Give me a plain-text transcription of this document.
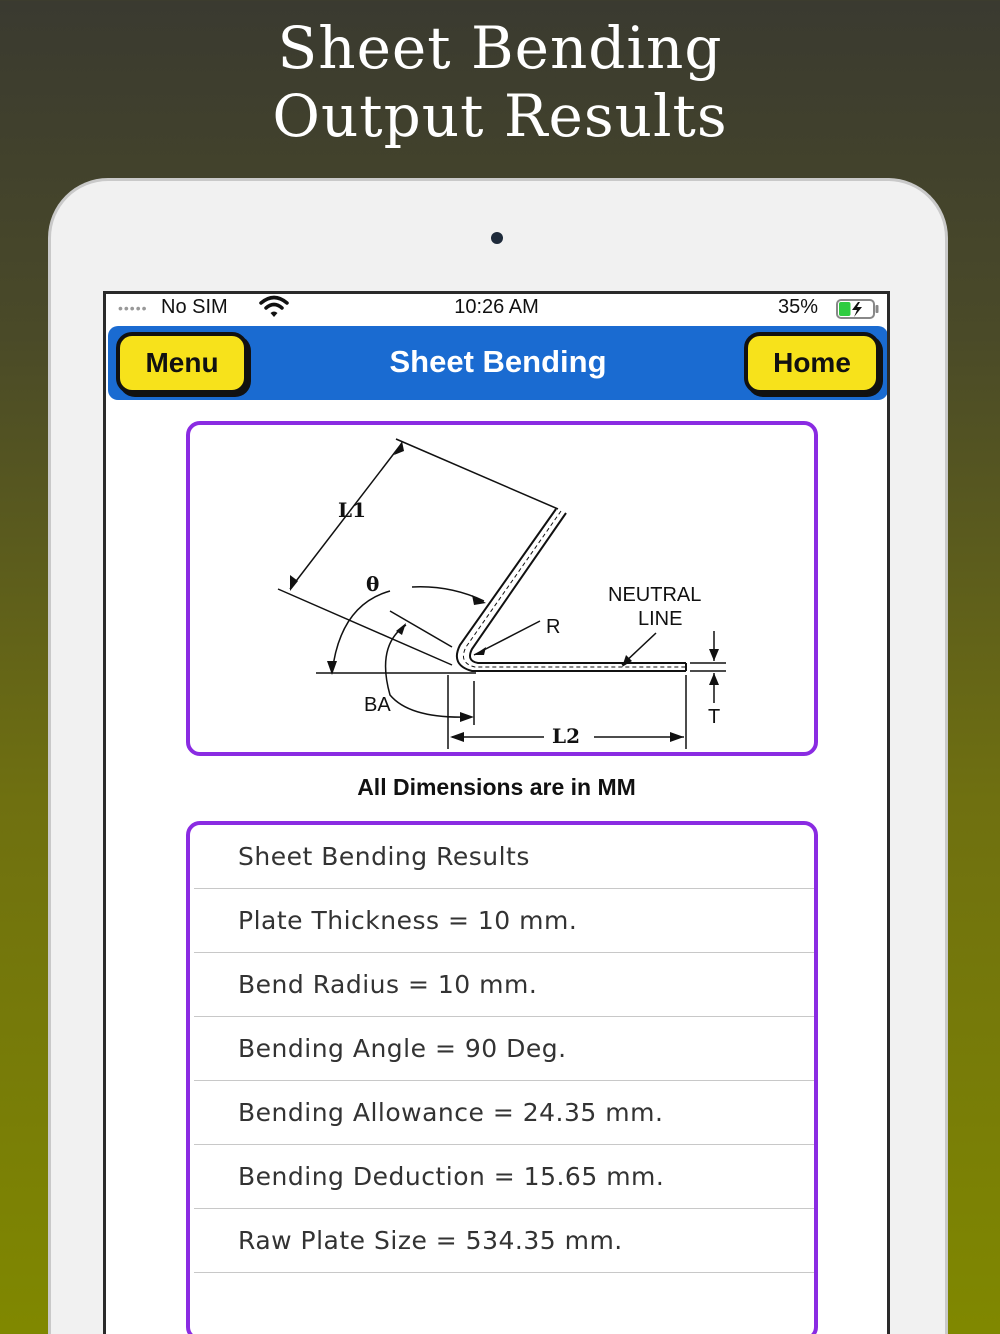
Sheet Bending
Output Results
••••• No SIM	10:26 AM	35%
Menu	Sheet Bending	Home
L1
θ	NEUTRAL
LINE
R
BA
L2
T
All Dimensions are in MM
Sheet Bending Results
Plate Thickness = 10 mm.
Bend Radius = 10 mm.
Bending Angle = 90 Deg.
Bending Allowance = 24.35 mm.
Bending Deduction = 15.65 mm.
Raw Plate Size = 534.35 mm.
